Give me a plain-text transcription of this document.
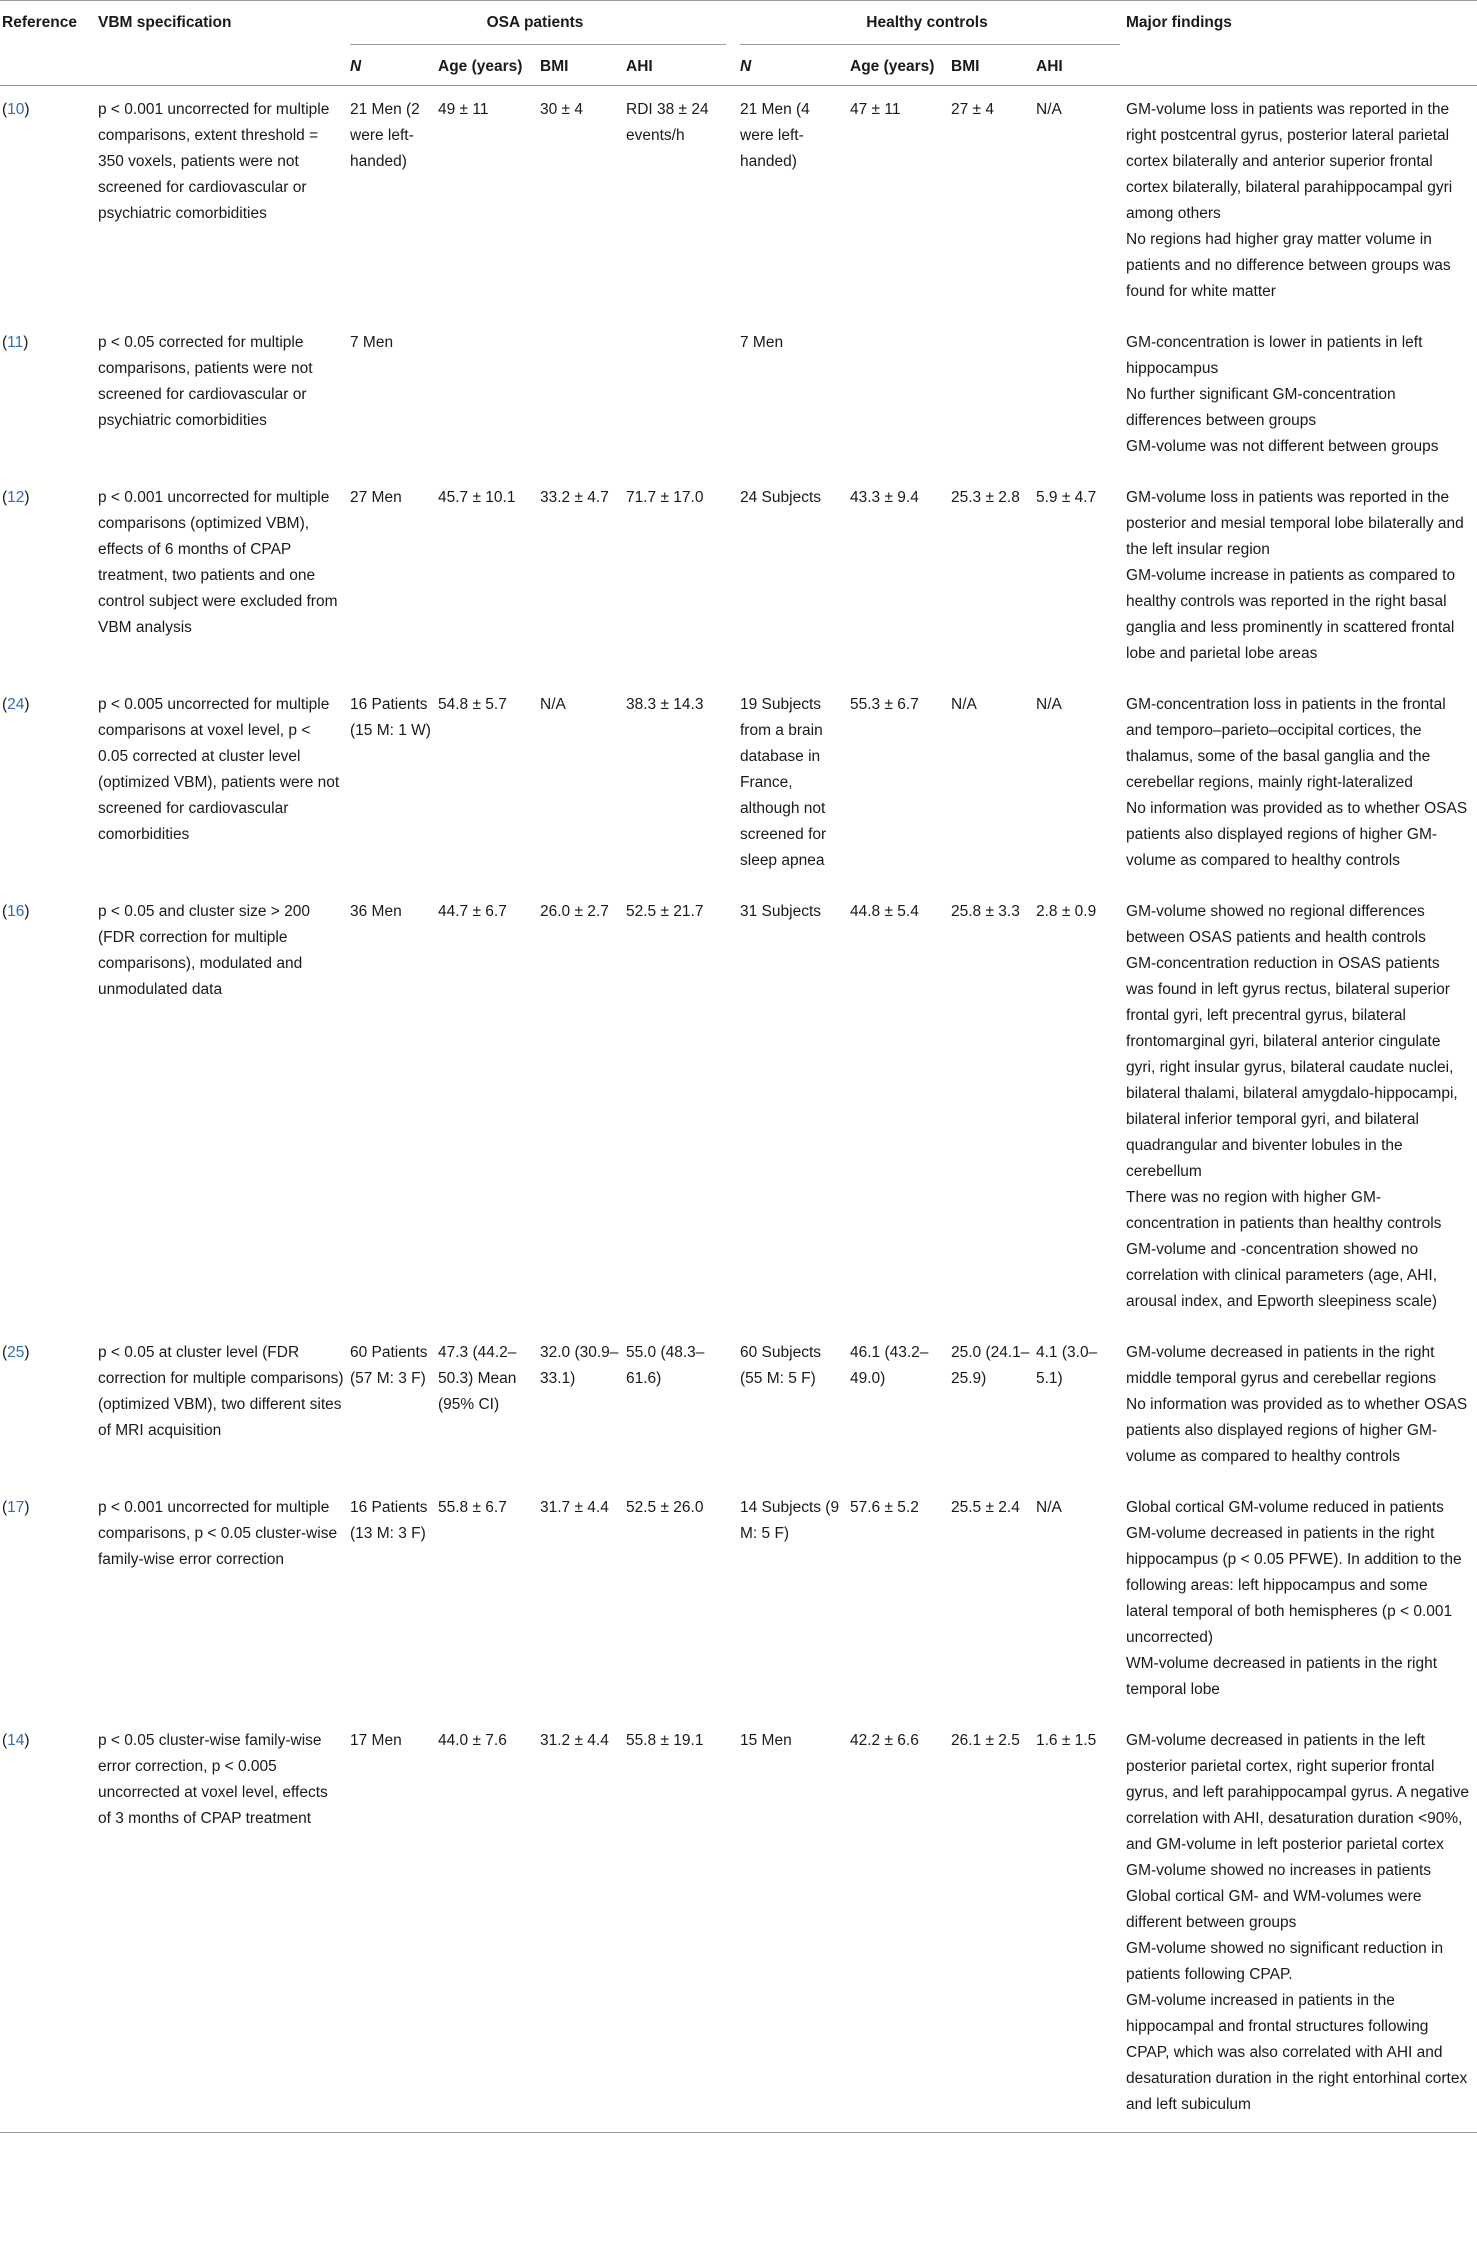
Reference	VBM specification	OSA patients					Healthy controls				Major findings
		N	Age (years)	BMI	AHI		N	Age (years)	BMI	AHI	
(10)	p < 0.001 uncorrected for multiple comparisons, extent threshold = 350 voxels, patients were not screened for cardiovascular or psychiatric comorbidities	21 Men (2 were left-handed)	49 ± 11	30 ± 4	RDI 38 ± 24 events/h		21 Men (4 were left-handed)	47 ± 11	27 ± 4	N/A	GM-volume loss in patients was reported in the right postcentral gyrus, posterior lateral parietal cortex bilaterally and anterior superior frontal cortex bilaterally, bilateral parahippocampal gyri among others

No regions had higher gray matter volume in patients and no difference between groups was found for white matter

(11)	p < 0.05 corrected for multiple comparisons, patients were not screened for cardiovascular or psychiatric comorbidities	7 Men					7 Men				GM-concentration is lower in patients in left hippocampus

No further significant GM-concentration differences between groups

GM-volume was not different between groups

(12)	p < 0.001 uncorrected for multiple comparisons (optimized VBM), effects of 6 months of CPAP treatment, two patients and one control subject were excluded from VBM analysis	27 Men	45.7 ± 10.1	33.2 ± 4.7	71.7 ± 17.0		24 Subjects	43.3 ± 9.4	25.3 ± 2.8	5.9 ± 4.7	GM-volume loss in patients was reported in the posterior and mesial temporal lobe bilaterally and the left insular region

GM-volume increase in patients as compared to healthy controls was reported in the right basal ganglia and less prominently in scattered frontal lobe and parietal lobe areas

(24)	p < 0.005 uncorrected for multiple comparisons at voxel level, p < 0.05 corrected at cluster level (optimized VBM), patients were not screened for cardiovascular comorbidities	16 Patients (15 M: 1 W)	54.8 ± 5.7	N/A	38.3 ± 14.3		19 Subjects from a brain database in France, although not screened for sleep apnea	55.3 ± 6.7	N/A	N/A	GM-concentration loss in patients in the frontal and temporo–parieto–occipital cortices, the thalamus, some of the basal ganglia and the cerebellar regions, mainly right-lateralized

No information was provided as to whether OSAS patients also displayed regions of higher GM-volume as compared to healthy controls

(16)	p < 0.05 and cluster size > 200 (FDR correction for multiple comparisons), modulated and unmodulated data	36 Men	44.7 ± 6.7	26.0 ± 2.7	52.5 ± 21.7		31 Subjects	44.8 ± 5.4	25.8 ± 3.3	2.8 ± 0.9	GM-volume showed no regional differences between OSAS patients and health controls

GM-concentration reduction in OSAS patients was found in left gyrus rectus, bilateral superior frontal gyri, left precentral gyrus, bilateral frontomarginal gyri, bilateral anterior cingulate gyri, right insular gyrus, bilateral caudate nuclei, bilateral thalami, bilateral amygdalo-hippocampi, bilateral inferior temporal gyri, and bilateral quadrangular and biventer lobules in the cerebellum

There was no region with higher GM-concentration in patients than healthy controls

GM-volume and -concentration showed no correlation with clinical parameters (age, AHI, arousal index, and Epworth sleepiness scale)

(25)	p < 0.05 at cluster level (FDR correction for multiple comparisons) (optimized VBM), two different sites of MRI acquisition	60 Patients (57 M: 3 F)	47.3 (44.2–50.3) Mean (95% CI)	32.0 (30.9–33.1)	55.0 (48.3–61.6)		60 Subjects (55 M: 5 F)	46.1 (43.2–49.0)	25.0 (24.1–25.9)	4.1 (3.0–5.1)	GM-volume decreased in patients in the right middle temporal gyrus and cerebellar regions

No information was provided as to whether OSAS patients also displayed regions of higher GM-volume as compared to healthy controls

(17)	p < 0.001 uncorrected for multiple comparisons, p < 0.05 cluster-wise family-wise error correction	16 Patients (13 M: 3 F)	55.8 ± 6.7	31.7 ± 4.4	52.5 ± 26.0		14 Subjects (9 M: 5 F)	57.6 ± 5.2	25.5 ± 2.4	N/A	Global cortical GM-volume reduced in patients

GM-volume decreased in patients in the right hippocampus (p < 0.05 PFWE). In addition to the following areas: left hippocampus and some lateral temporal of both hemispheres (p < 0.001 uncorrected)

WM-volume decreased in patients in the right temporal lobe

(14)	p < 0.05 cluster-wise family-wise error correction, p < 0.005 uncorrected at voxel level, effects of 3 months of CPAP treatment	17 Men	44.0 ± 7.6	31.2 ± 4.4	55.8 ± 19.1		15 Men	42.2 ± 6.6	26.1 ± 2.5	1.6 ± 1.5	GM-volume decreased in patients in the left posterior parietal cortex, right superior frontal gyrus, and left parahippocampal gyrus. A negative correlation with AHI, desaturation duration <90%, and GM-volume in left posterior parietal cortex

GM-volume showed no increases in patients

Global cortical GM- and WM-volumes were different between groups

GM-volume showed no significant reduction in patients following CPAP.

GM-volume increased in patients in the hippocampal and frontal structures following CPAP, which was also correlated with AHI and desaturation duration in the right entorhinal cortex and left subiculum
